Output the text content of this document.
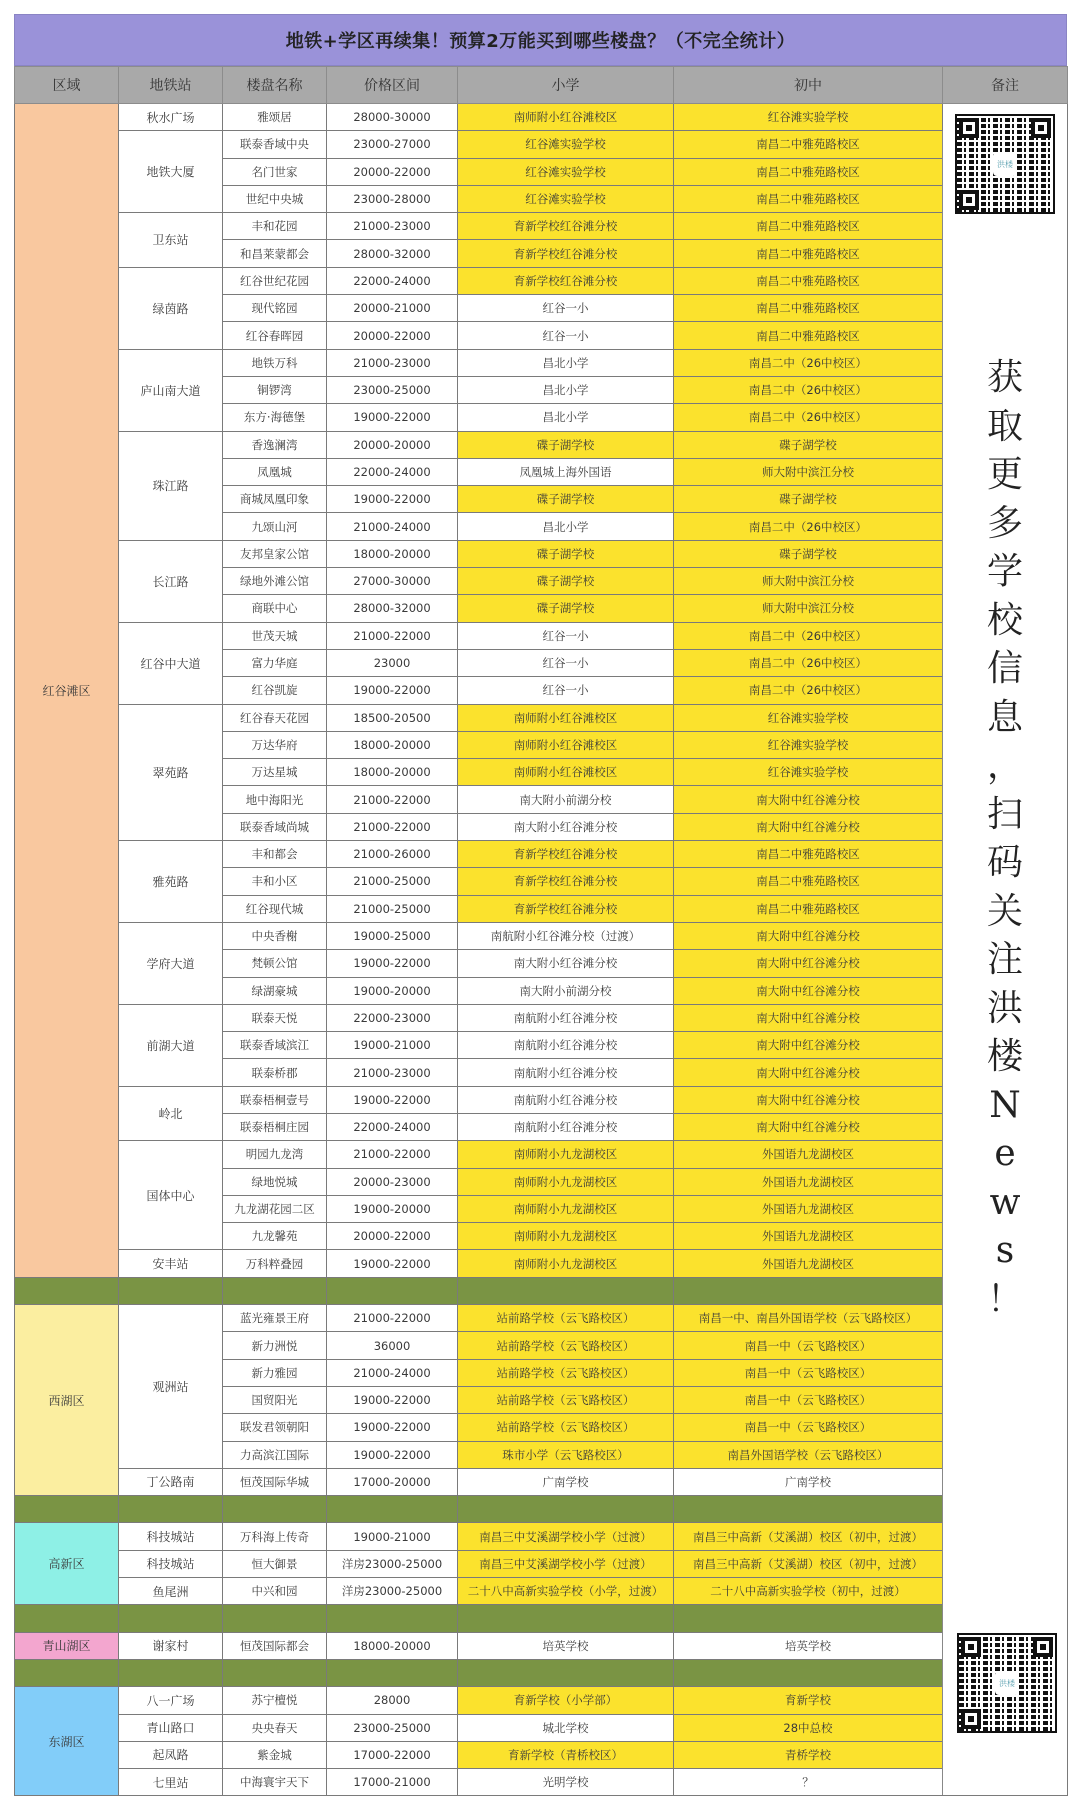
地铁+学区再续集！预算2万能买到哪些楼盘？（不完全统计）
区域	地铁站	楼盘名称	价格区间	小学	初中	备注
红谷滩区	秋水广场	雅颂居	28000-30000	南师附小红谷滩校区	红谷滩实验学校	
洪楼
获
取
更
多
学
校
信
息
，
扫
码
关
注
洪
楼
N
e
w
s
！
洪楼

	地铁大厦	联泰香域中央	23000-27000	红谷滩实验学校	南昌二中雅苑路校区	
		名门世家	20000-22000	红谷滩实验学校	南昌二中雅苑路校区	
		世纪中央城	23000-28000	红谷滩实验学校	南昌二中雅苑路校区	
	卫东站	丰和花园	21000-23000	育新学校红谷滩分校	南昌二中雅苑路校区	
		和昌莱蒙都会	28000-32000	育新学校红谷滩分校	南昌二中雅苑路校区	
	绿茵路	红谷世纪花园	22000-24000	育新学校红谷滩分校	南昌二中雅苑路校区	
		现代铭园	20000-21000	红谷一小	南昌二中雅苑路校区	
		红谷春晖园	20000-22000	红谷一小	南昌二中雅苑路校区	
	庐山南大道	地铁万科	21000-23000	昌北小学	南昌二中（26中校区）	
		铜锣湾	23000-25000	昌北小学	南昌二中（26中校区）	
		东方·海德堡	19000-22000	昌北小学	南昌二中（26中校区）	
	珠江路	香逸澜湾	20000-20000	碟子湖学校	碟子湖学校	
		凤凰城	22000-24000	凤凰城上海外国语	师大附中滨江分校	
		商城凤凰印象	19000-22000	碟子湖学校	碟子湖学校	
		九颂山河	21000-24000	昌北小学	南昌二中（26中校区）	
	长江路	友邦皇家公馆	18000-20000	碟子湖学校	碟子湖学校	
		绿地外滩公馆	27000-30000	碟子湖学校	师大附中滨江分校	
		商联中心	28000-32000	碟子湖学校	师大附中滨江分校	
	红谷中大道	世茂天城	21000-22000	红谷一小	南昌二中（26中校区）	
		富力华庭	23000	红谷一小	南昌二中（26中校区）	
		红谷凯旋	19000-22000	红谷一小	南昌二中（26中校区）	
	翠苑路	红谷春天花园	18500-20500	南师附小红谷滩校区	红谷滩实验学校	
		万达华府	18000-20000	南师附小红谷滩校区	红谷滩实验学校	
		万达星城	18000-20000	南师附小红谷滩校区	红谷滩实验学校	
		地中海阳光	21000-22000	南大附小前湖分校	南大附中红谷滩分校	
		联泰香域尚城	21000-22000	南大附小红谷滩分校	南大附中红谷滩分校	
	雅苑路	丰和都会	21000-26000	育新学校红谷滩分校	南昌二中雅苑路校区	
		丰和小区	21000-25000	育新学校红谷滩分校	南昌二中雅苑路校区	
		红谷现代城	21000-25000	育新学校红谷滩分校	南昌二中雅苑路校区	
	学府大道	中央香榭	19000-25000	南航附小红谷滩分校（过渡）	南大附中红谷滩分校	
		梵顿公馆	19000-22000	南大附小红谷滩分校	南大附中红谷滩分校	
		绿湖豪城	19000-20000	南大附小前湖分校	南大附中红谷滩分校	
	前湖大道	联泰天悦	22000-23000	南航附小红谷滩分校	南大附中红谷滩分校	
		联泰香域滨江	19000-21000	南航附小红谷滩分校	南大附中红谷滩分校	
		联泰桥郡	21000-23000	南航附小红谷滩分校	南大附中红谷滩分校	
	岭北	联泰梧桐壹号	19000-22000	南航附小红谷滩分校	南大附中红谷滩分校	
		联泰梧桐庄园	22000-24000	南航附小红谷滩分校	南大附中红谷滩分校	
	国体中心	明园九龙湾	21000-22000	南师附小九龙湖校区	外国语九龙湖校区	
		绿地悦城	20000-23000	南师附小九龙湖校区	外国语九龙湖校区	
		九龙湖花园二区	19000-20000	南师附小九龙湖校区	外国语九龙湖校区	
		九龙馨苑	20000-22000	南师附小九龙湖校区	外国语九龙湖校区	
	安丰站	万科粹叠园	19000-22000	南师附小九龙湖校区	外国语九龙湖校区	

西湖区	观洲站	蓝光雍景王府	21000-22000	站前路学校（云飞路校区）	南昌一中、南昌外国语学校（云飞路校区）	
		新力洲悦	36000	站前路学校（云飞路校区）	南昌一中（云飞路校区）	
		新力雅园	21000-24000	站前路学校（云飞路校区）	南昌一中（云飞路校区）	
		国贸阳光	19000-22000	站前路学校（云飞路校区）	南昌一中（云飞路校区）	
		联发君领朝阳	19000-22000	站前路学校（云飞路校区）	南昌一中（云飞路校区）	
		力高滨江国际	19000-22000	珠市小学（云飞路校区）	南昌外国语学校（云飞路校区）	
	丁公路南	恒茂国际华城	17000-20000	广南学校	广南学校	

高新区	科技城站	万科海上传奇	19000-21000	南昌三中艾溪湖学校小学（过渡）	南昌三中高新（艾溪湖）校区（初中，过渡）	
	科技城站	恒大御景	洋房23000-25000	南昌三中艾溪湖学校小学（过渡）	南昌三中高新（艾溪湖）校区（初中，过渡）	
	鱼尾洲	中兴和园	洋房23000-25000	二十八中高新实验学校（小学，过渡）	二十八中高新实验学校（初中，过渡）	

青山湖区	谢家村	恒茂国际都会	18000-20000	培英学校	培英学校	

东湖区	八一广场	苏宁檀悦	28000	育新学校（小学部）	育新学校	
	青山路口	央央春天	23000-25000	城北学校	28中总校	
	起凤路	紫金城	17000-22000	育新学校（青桥校区）	青桥学校	
	七里站	中海寰宇天下	17000-21000	光明学校	？	
